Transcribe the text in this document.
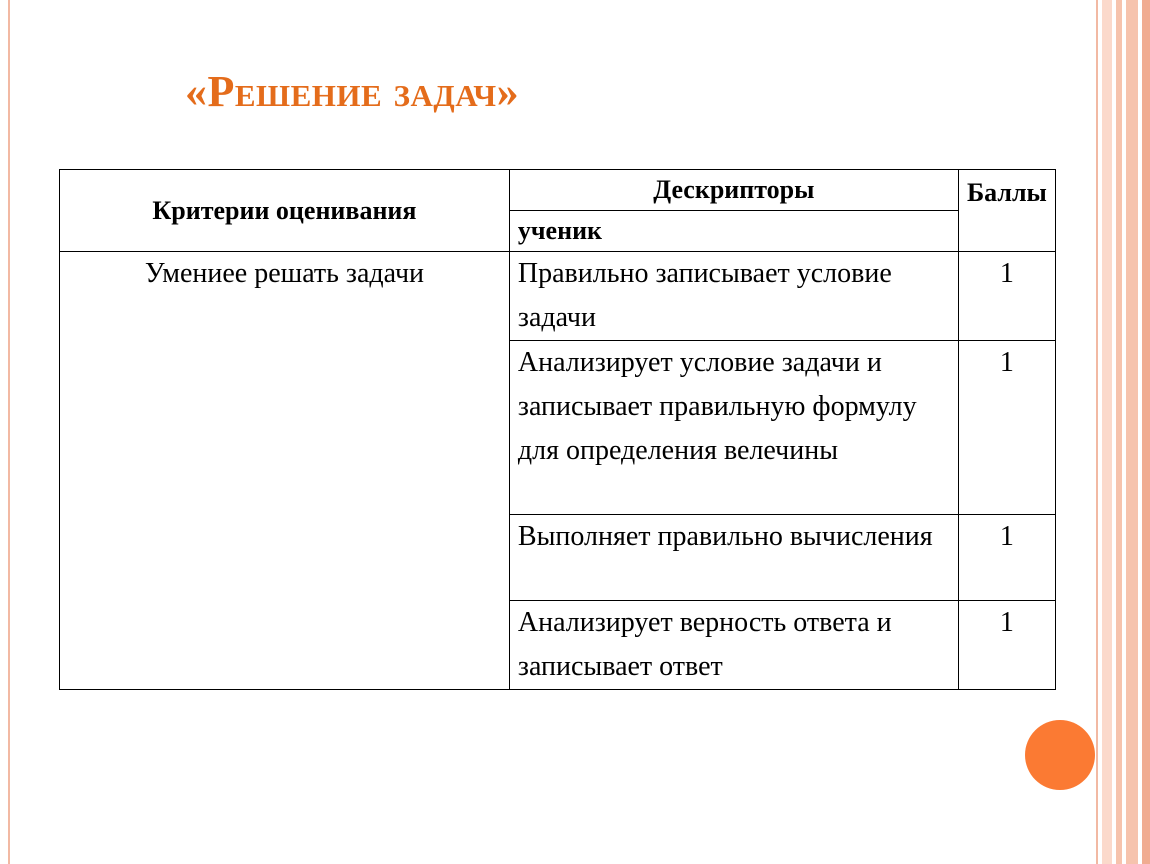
«Решение задач»
Критерии оценивания	Дескрипторы	Баллы
	ученик	
Умениее решать задачи	Правильно записывает условие задачи	1
	Анализирует условие задачи и записывает правильную формулу для определения велечины	1
	Выполняет правильно вычисления	1
	Анализирует верность ответа и записывает ответ	1
